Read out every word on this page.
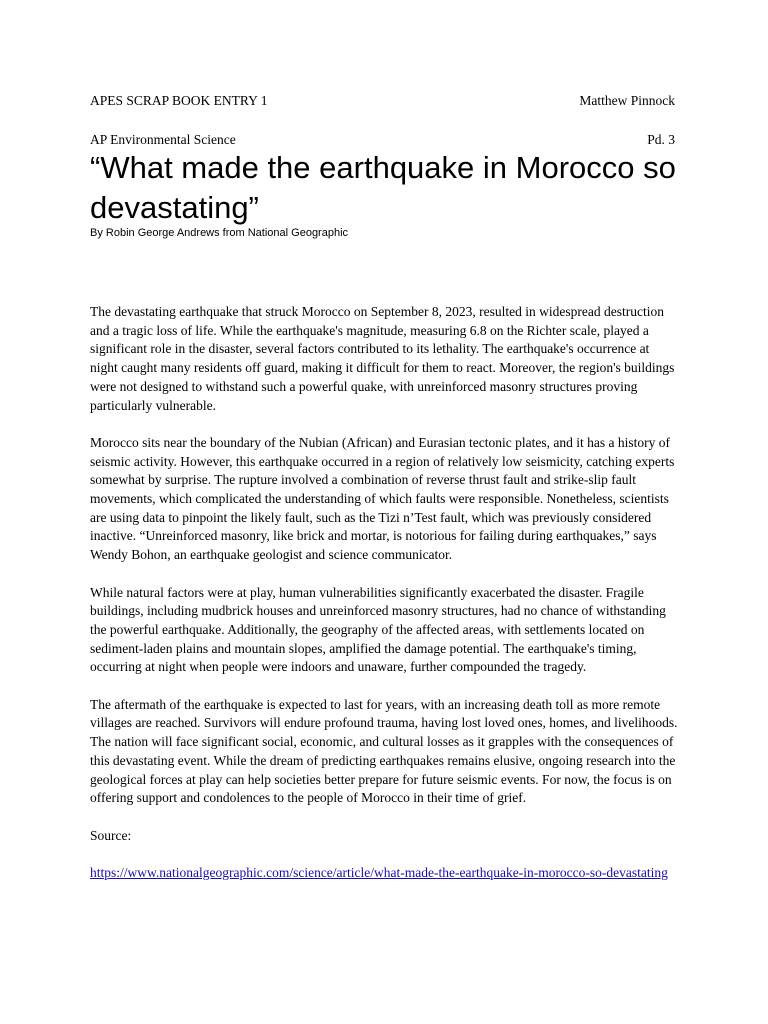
APES SCRAP BOOK ENTRY 1	Matthew Pinnock
AP Environmental Science	Pd. 3
“What made the earthquake in Morocco so devastating”
By Robin George Andrews from National Geographic

The devastating earthquake that struck Morocco on September 8, 2023, resulted in widespread destruction and a tragic loss of life. While the earthquake's magnitude, measuring 6.8 on the Richter scale, played a significant role in the disaster, several factors contributed to its lethality. The earthquake's occurrence at night caught many residents off guard, making it difficult for them to react. Moreover, the region's buildings were not designed to withstand such a powerful quake, with unreinforced masonry structures proving particularly vulnerable.

Morocco sits near the boundary of the Nubian (African) and Eurasian tectonic plates, and it has a history of seismic activity. However, this earthquake occurred in a region of relatively low seismicity, catching experts somewhat by surprise. The rupture involved a combination of reverse thrust fault and strike-slip fault movements, which complicated the understanding of which faults were responsible. Nonetheless, scientists are using data to pinpoint the likely fault, such as the Tizi n’Test fault, which was previously considered inactive. “Unreinforced masonry, like brick and mortar, is notorious for failing during earthquakes,” says Wendy Bohon, an earthquake geologist and science communicator.

While natural factors were at play, human vulnerabilities significantly exacerbated the disaster. Fragile buildings, including mudbrick houses and unreinforced masonry structures, had no chance of withstanding the powerful earthquake. Additionally, the geography of the affected areas, with settlements located on sediment-laden plains and mountain slopes, amplified the damage potential. The earthquake's timing, occurring at night when people were indoors and unaware, further compounded the tragedy.

The aftermath of the earthquake is expected to last for years, with an increasing death toll as more remote villages are reached. Survivors will endure profound trauma, having lost loved ones, homes, and livelihoods. The nation will face significant social, economic, and cultural losses as it grapples with the consequences of this devastating event. While the dream of predicting earthquakes remains elusive, ongoing research into the geological forces at play can help societies better prepare for future seismic events. For now, the focus is on offering support and condolences to the people of Morocco in their time of grief.

Source:

https://www.nationalgeographic.com/science/article/what-made-the-earthquake-in-morocco-so-devastating
